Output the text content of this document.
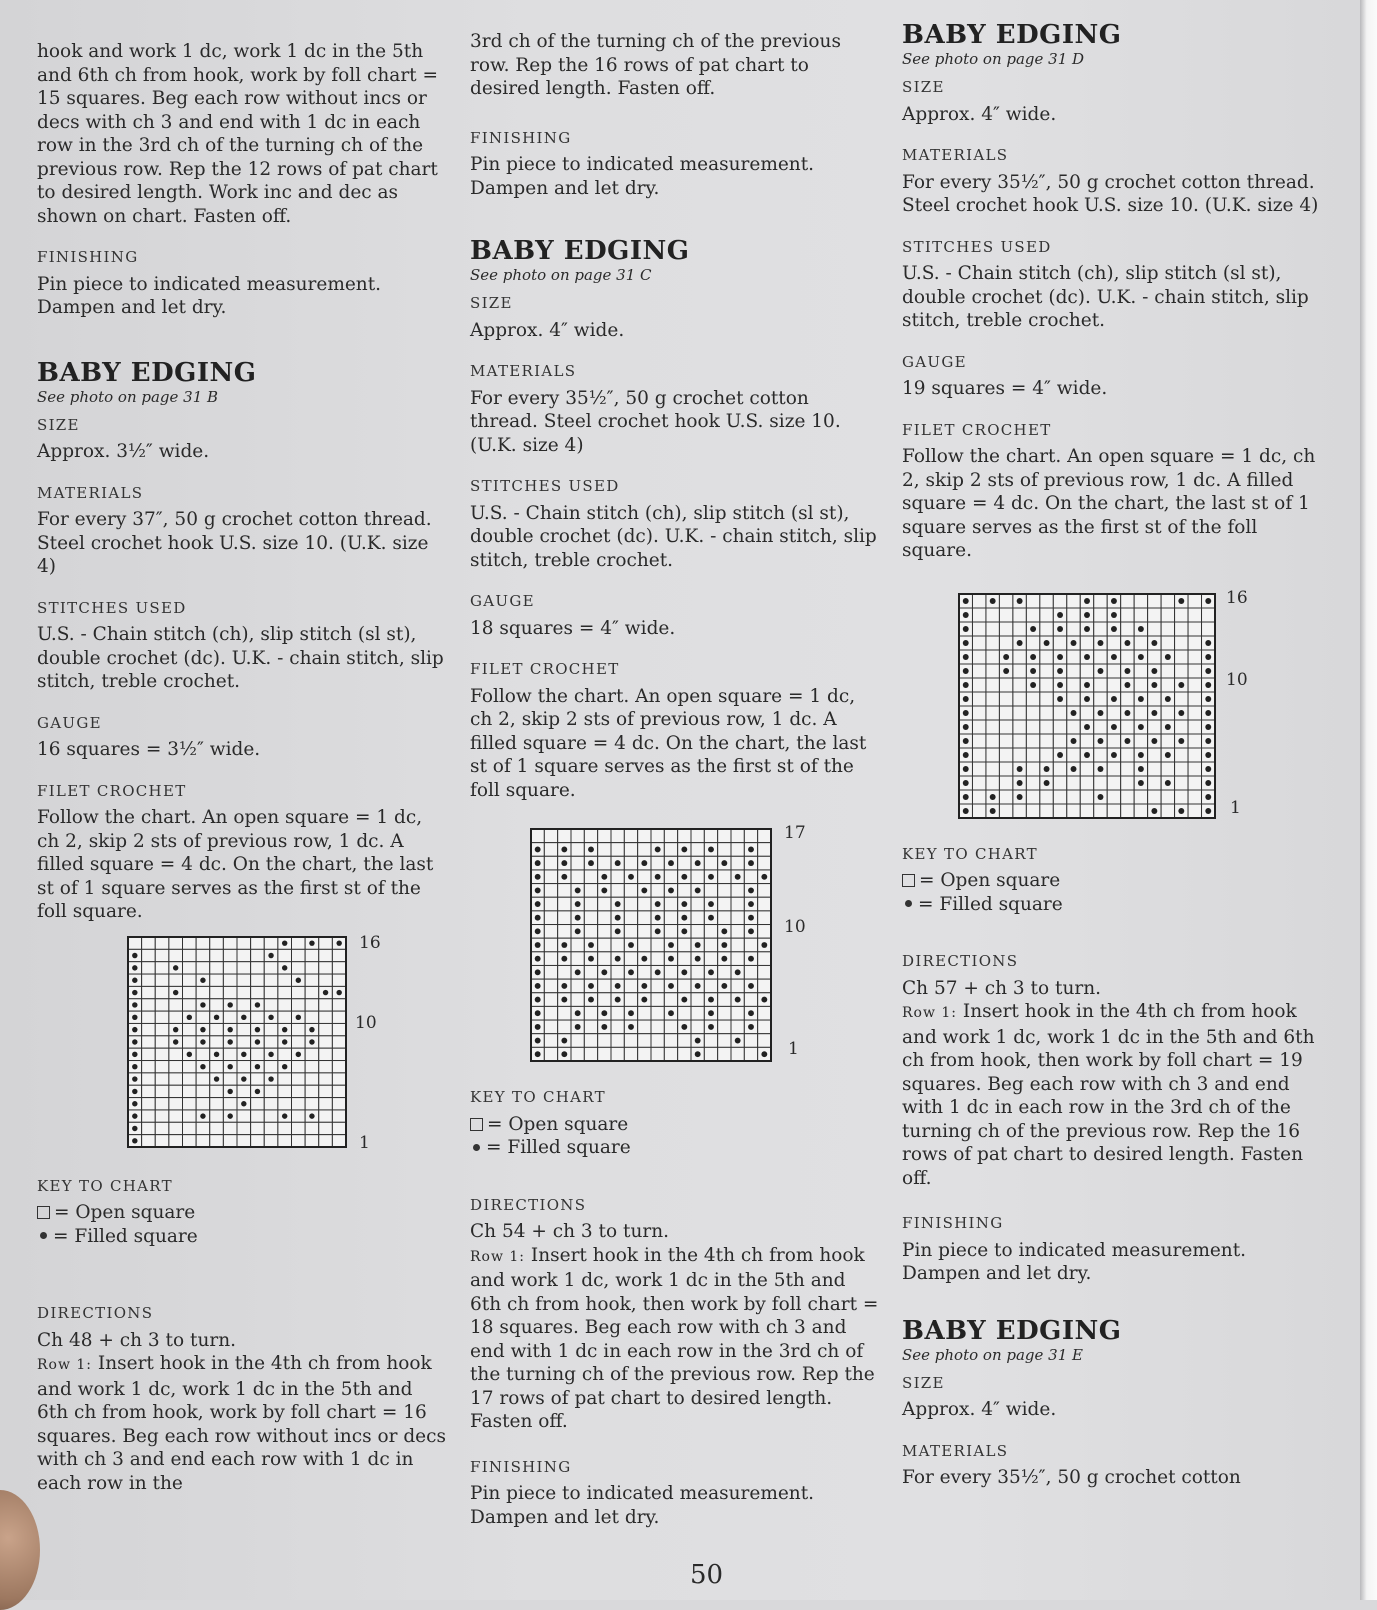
hook and work 1 dc, work 1 dc in the 5th and 6th ch from hook, work by foll chart = 15 squares. Beg each row without incs or decs with ch 3 and end with 1 dc in each row in the 3rd ch of the turning ch of the previous row. Rep the 12 rows of pat chart to desired length. Work inc and dec as shown on chart. Fasten off.

FINISHING

Pin piece to indicated measurement. Dampen and let dry.

BABY EDGING

See photo on page 31 B

SIZE

Approx. 3½″ wide.

MATERIALS

For every 37″, 50 g crochet cotton thread. Steel crochet hook U.S. size 10. (U.K. size 4)

STITCHES USED

U.S. - Chain stitch (ch), slip stitch (sl st), double crochet (dc). U.K. - chain stitch, slip stitch, treble crochet.

GAUGE

16 squares = 3½″ wide.

FILET CROCHET

Follow the chart. An open square = 1 dc, ch 2, skip 2 sts of previous row, 1 dc. A filled square = 4 dc. On the chart, the last st of 1 square serves as the first st of the foll square.

16
10
1

KEY TO CHART

= Open square

= Filled square

DIRECTIONS

Ch 48 + ch 3 to turn.

Row 1: Insert hook in the 4th ch from hook and work 1 dc, work 1 dc in the 5th and 6th ch from hook, work by foll chart = 16 squares. Beg each row without incs or decs with ch 3 and end each row with 1 dc in each row in the

3rd ch of the turning ch of the previous row. Rep the 16 rows of pat chart to desired length. Fasten off.

FINISHING

Pin piece to indicated measurement. Dampen and let dry.

BABY EDGING

See photo on page 31 C

SIZE

Approx. 4″ wide.

MATERIALS

For every 35½″, 50 g crochet cotton thread. Steel crochet hook U.S. size 10. (U.K. size 4)

STITCHES USED

U.S. - Chain stitch (ch), slip stitch (sl st), double crochet (dc). U.K. - chain stitch, slip stitch, treble crochet.

GAUGE

18 squares = 4″ wide.

FILET CROCHET

Follow the chart. An open square = 1 dc, ch 2, skip 2 sts of previous row, 1 dc. A filled square = 4 dc. On the chart, the last st of 1 square serves as the first st of the foll square.

17
10
1

KEY TO CHART

= Open square

= Filled square

DIRECTIONS

Ch 54 + ch 3 to turn.

Row 1: Insert hook in the 4th ch from hook and work 1 dc, work 1 dc in the 5th and 6th ch from hook, then work by foll chart = 18 squares. Beg each row with ch 3 and end with 1 dc in each row in the 3rd ch of the turning ch of the previous row. Rep the 17 rows of pat chart to desired length. Fasten off.

FINISHING

Pin piece to indicated measurement. Dampen and let dry.

BABY EDGING

See photo on page 31 D

SIZE

Approx. 4″ wide.

MATERIALS

For every 35½″, 50 g crochet cotton thread. Steel crochet hook U.S. size 10. (U.K. size 4)

STITCHES USED

U.S. - Chain stitch (ch), slip stitch (sl st), double crochet (dc). U.K. - chain stitch, slip stitch, treble crochet.

GAUGE

19 squares = 4″ wide.

FILET CROCHET

Follow the chart. An open square = 1 dc, ch 2, skip 2 sts of previous row, 1 dc. A filled square = 4 dc. On the chart, the last st of 1 square serves as the first st of the foll square.

16
10
1

KEY TO CHART

= Open square

= Filled square

DIRECTIONS

Ch 57 + ch 3 to turn.

Row 1: Insert hook in the 4th ch from hook and work 1 dc, work 1 dc in the 5th and 6th ch from hook, then work by foll chart = 19 squares. Beg each row with ch 3 and end with 1 dc in each row in the 3rd ch of the turning ch of the previous row. Rep the 16 rows of pat chart to desired length. Fasten off.

FINISHING

Pin piece to indicated measurement. Dampen and let dry.

BABY EDGING

See photo on page 31 E

SIZE

Approx. 4″ wide.

MATERIALS

For every 35½″, 50 g crochet cotton

50
